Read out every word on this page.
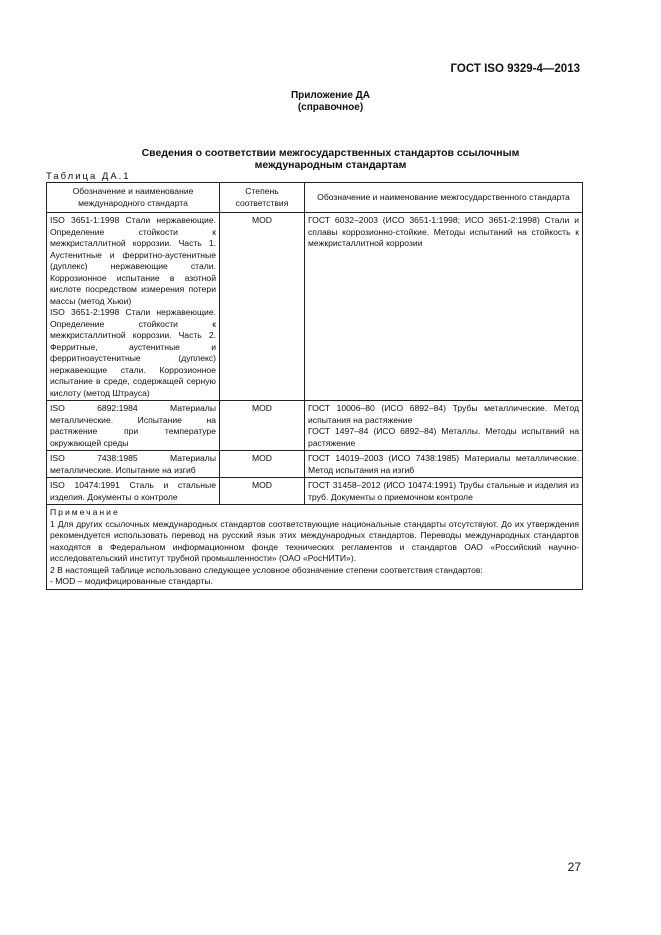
ГОСТ ISO 9329-4—2013
Приложение ДА
(справочное)
Сведения о соответствии межгосударственных стандартов ссылочным
международным стандартам
Таблица ДА.1
Обозначение и наименование международного стандарта	Степень соответствия	Обозначение и наименование межгосударственного стандарта

ISO 3651-1:1998 Стали нержавеющие. Определение стойкости к межкристаллитной коррозии. Часть 1. Аустенитные и ферритно-аустенитные (дуплекс) нержавеющие стали. Коррозионное испытание в азотной кислоте посредством измерения потери массы (метод Хьюи)
ISO 3651-2:1998 Стали нержавеющие. Определение стойкости к межкристаллитной коррозии. Часть 2. Ферритные, аустенитные и ферритноаустенитные (дуплекс) нержавеющие стали. Коррозионное испытание в среде, содержащей серную кислоту (метод Штрауса)	MOD	ГОСТ 6032–2003 (ИСО 3651-1:1998; ИСО 3651-2:1998) Стали и сплавы коррозионно-стойкие. Методы испытаний на стойкость к межкристаллитной коррозии

ISO 6892:1984 Материалы металлические. Испытание на растяжение при температуре окружающей среды	MOD	ГОСТ 10006–80 (ИСО 6892–84) Трубы металлические. Метод испытания на растяжение
ГОСТ 1497–84 (ИСО 6892–84) Металлы. Методы испытаний на растяжение

ISO 7438:1985 Материалы металлические. Испытание на изгиб	MOD	ГОСТ 14019–2003 (ИСО 7438:1985) Материалы металлические. Метод испытания на изгиб
ISO 10474:1991 Сталь и стальные изделия. Документы о контроле	MOD	ГОСТ 31458–2012 (ИСО 10474:1991) Трубы стальные и изделия из труб. Документы о приемочном контроле

Примечание

1 Для других ссылочных международных стандартов соответствующие национальные стандарты отсутствуют. До их утверждения рекомендуется использовать перевод на русский язык этих международных стандартов. Переводы международных стандартов находятся в Федеральном информационном фонде технических регламентов и стандартов ОАО «Российский научно-исследовательский институт трубной промышленности» (ОАО «РосНИТИ»).

2 В настоящей таблице использовано следующее условное обозначение степени соответствия стандартов:

- MOD – модифицированные стандарты.		

27
